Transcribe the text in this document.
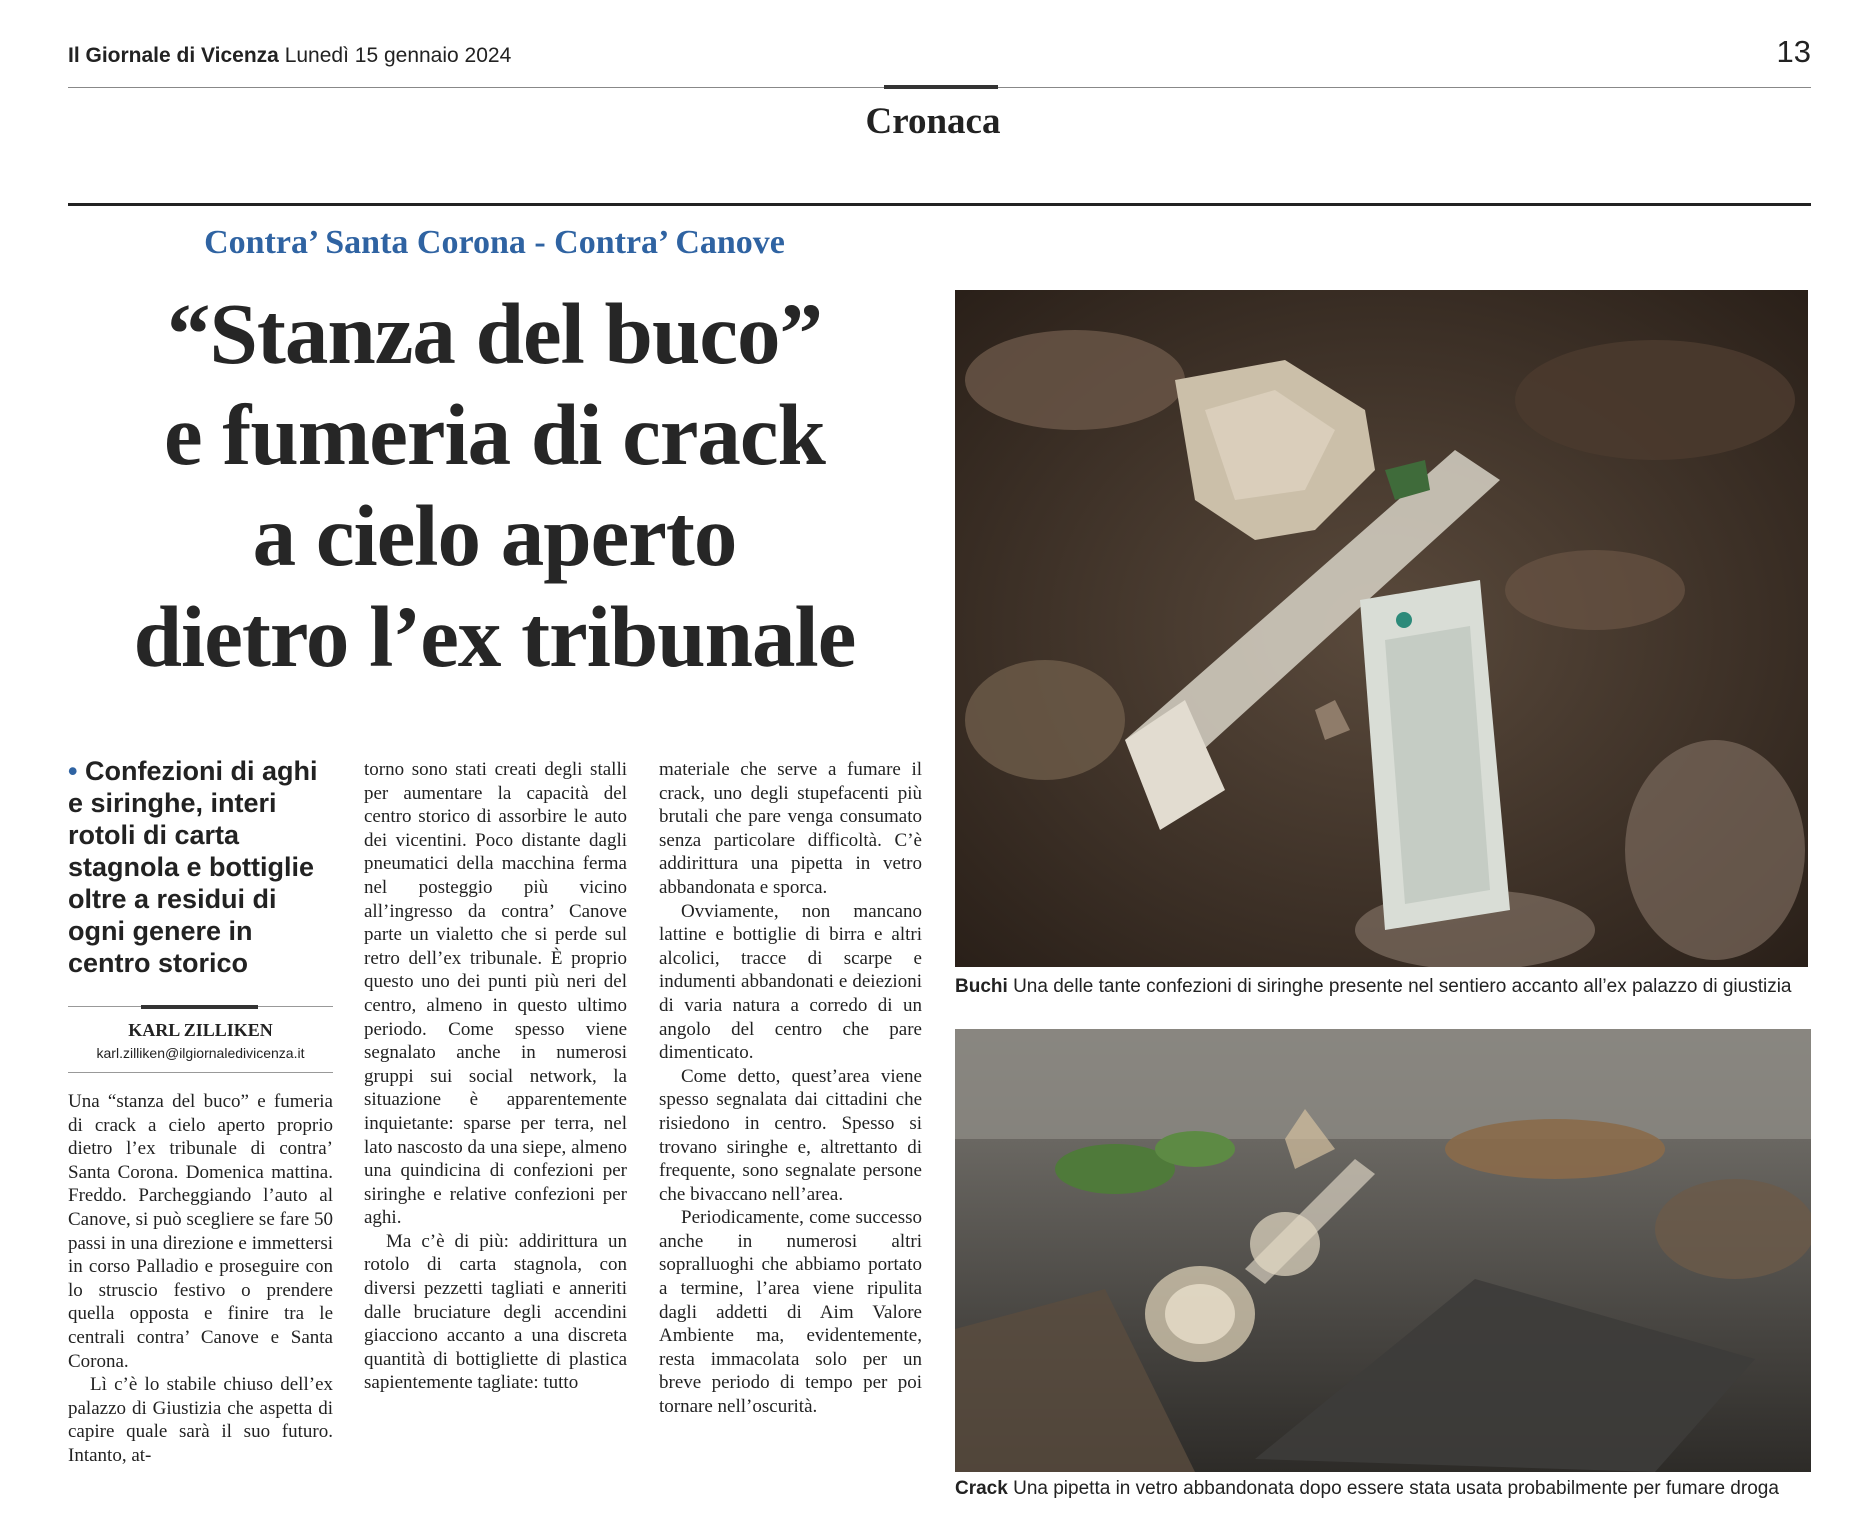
Il Giornale di Vicenza Lunedì 15 gennaio 2024	13
Cronaca
Contra’ Santa Corona - Contra’ Canove
“Stanza del buco”
e fumeria di crack
a cielo aperto
dietro l’ex tribunale
• Confezioni di aghi e siringhe, interi rotoli di carta stagnola e bottiglie oltre a residui di ogni genere in centro storico
KARL ZILLIKEN
karl.zilliken@ilgiornaledivicenza.it

Una “stanza del buco” e fumeria di crack a cielo aperto proprio dietro l’ex tribunale di contra’ Santa Corona. Domenica mattina. Freddo. Parcheggiando l’auto al Canove, si può scegliere se fare 50 passi in una direzione e immettersi in corso Palladio e proseguire con lo struscio festivo o prendere quella opposta e finire tra le centrali contra’ Canove e Santa Corona.

Lì c’è lo stabile chiuso dell’ex palazzo di Giustizia che aspetta di capire quale sarà il suo futuro. Intanto, at-

torno sono stati creati degli stalli per aumentare la capacità del centro storico di assorbire le auto dei vicentini. Poco distante dagli pneumatici della macchina ferma nel posteggio più vicino all’ingresso da contra’ Canove parte un vialetto che si perde sul retro dell’ex tribunale. È proprio questo uno dei punti più neri del centro, almeno in questo ultimo periodo. Come spesso viene segnalato anche in numerosi gruppi sui social network, la situazione è apparentemente inquietante: sparse per terra, nel lato nascosto da una siepe, almeno una quindicina di confezioni per siringhe e relative confezioni per aghi.

Ma c’è di più: addirittura un rotolo di carta stagnola, con diversi pezzetti tagliati e anneriti dalle bruciature degli accendini giacciono accanto a una discreta quantità di bottigliette di plastica sapientemente tagliate: tutto

materiale che serve a fumare il crack, uno degli stupefacenti più brutali che pare venga consumato senza particolare difficoltà. C’è addirittura una pipetta in vetro abbandonata e sporca.

Ovviamente, non mancano lattine e bottiglie di birra e altri alcolici, tracce di scarpe e indumenti abbandonati e deiezioni di varia natura a corredo di un angolo del centro che pare dimenticato.

Come detto, quest’area viene spesso segnalata dai cittadini che risiedono in centro. Spesso si trovano siringhe e, altrettanto di frequente, sono segnalate persone che bivaccano nell’area.

Periodicamente, come successo anche in numerosi altri sopralluoghi che abbiamo portato a termine, l’area viene ripulita dagli addetti di Aim Valore Ambiente ma, evidentemente, resta immacolata solo per un breve periodo di tempo per poi tornare nell’oscurità.

Buchi Una delle tante confezioni di siringhe presente nel sentiero accanto all’ex palazzo di giustizia
Crack Una pipetta in vetro abbandonata dopo essere stata usata probabilmente per fumare droga
